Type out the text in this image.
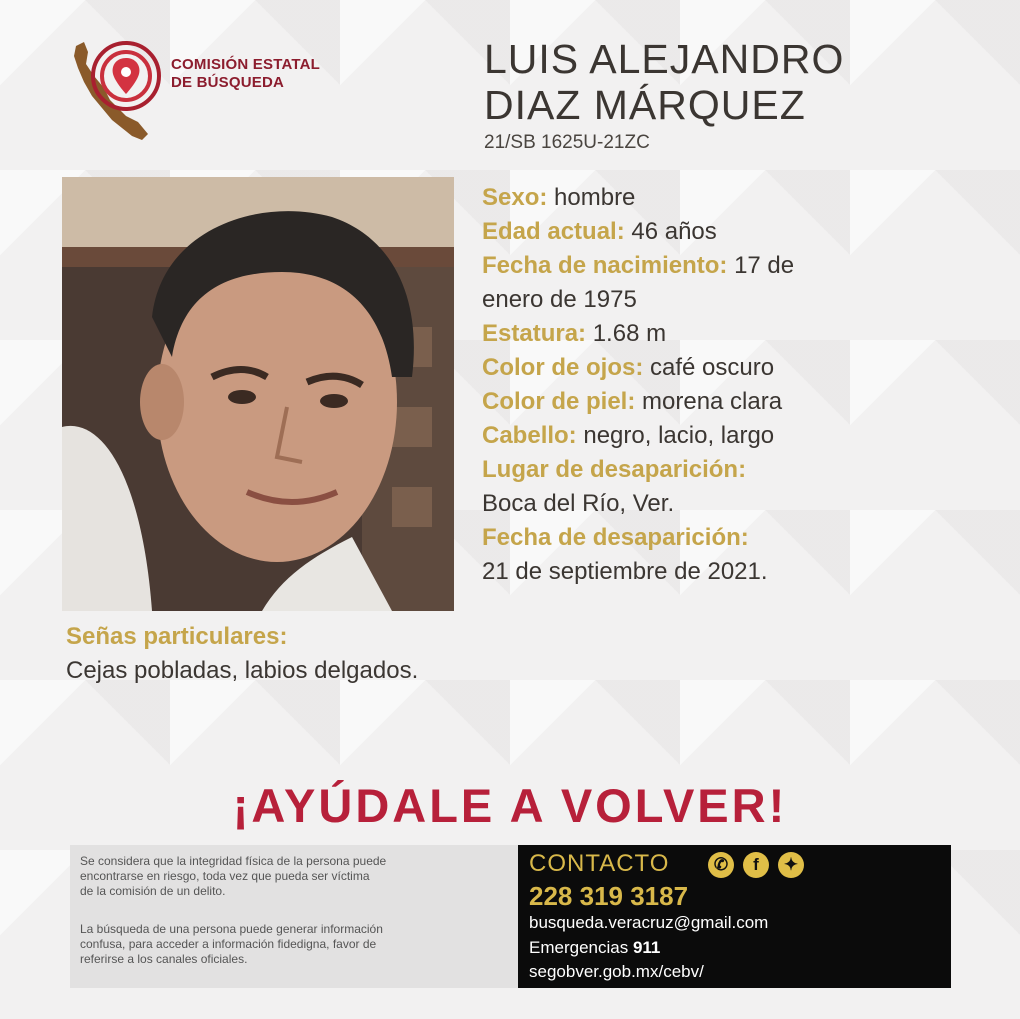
COMISIÓN ESTATAL
DE BÚSQUEDA
LUIS ALEJANDRO
DIAZ MÁRQUEZ
21/SB 1625U-21ZC

Sexo: hombre

Edad actual: 46 años

Fecha de nacimiento: 17 de

enero de 1975

Estatura: 1.68 m

Color de ojos: café oscuro

Color de piel: morena clara

Cabello: negro, lacio, largo

Lugar de desaparición:

Boca del Río, Ver.

Fecha de desaparición:

21 de septiembre de 2021.

Señas particulares:
Cejas pobladas, labios delgados.
¡AYÚDALE A VOLVER!

Se considera que la integridad física de la persona puede

encontrarse en riesgo, toda vez que pueda ser víctima

de la comisión de un delito.

La búsqueda de una persona puede generar información

confusa, para acceder a información fidedigna, favor de

referirse a los canales oficiales.

CONTACTO	✆	f	✦
228 319 3187
busqueda.veracruz@gmail.com
Emergencias 911
segobver.gob.mx/cebv/
